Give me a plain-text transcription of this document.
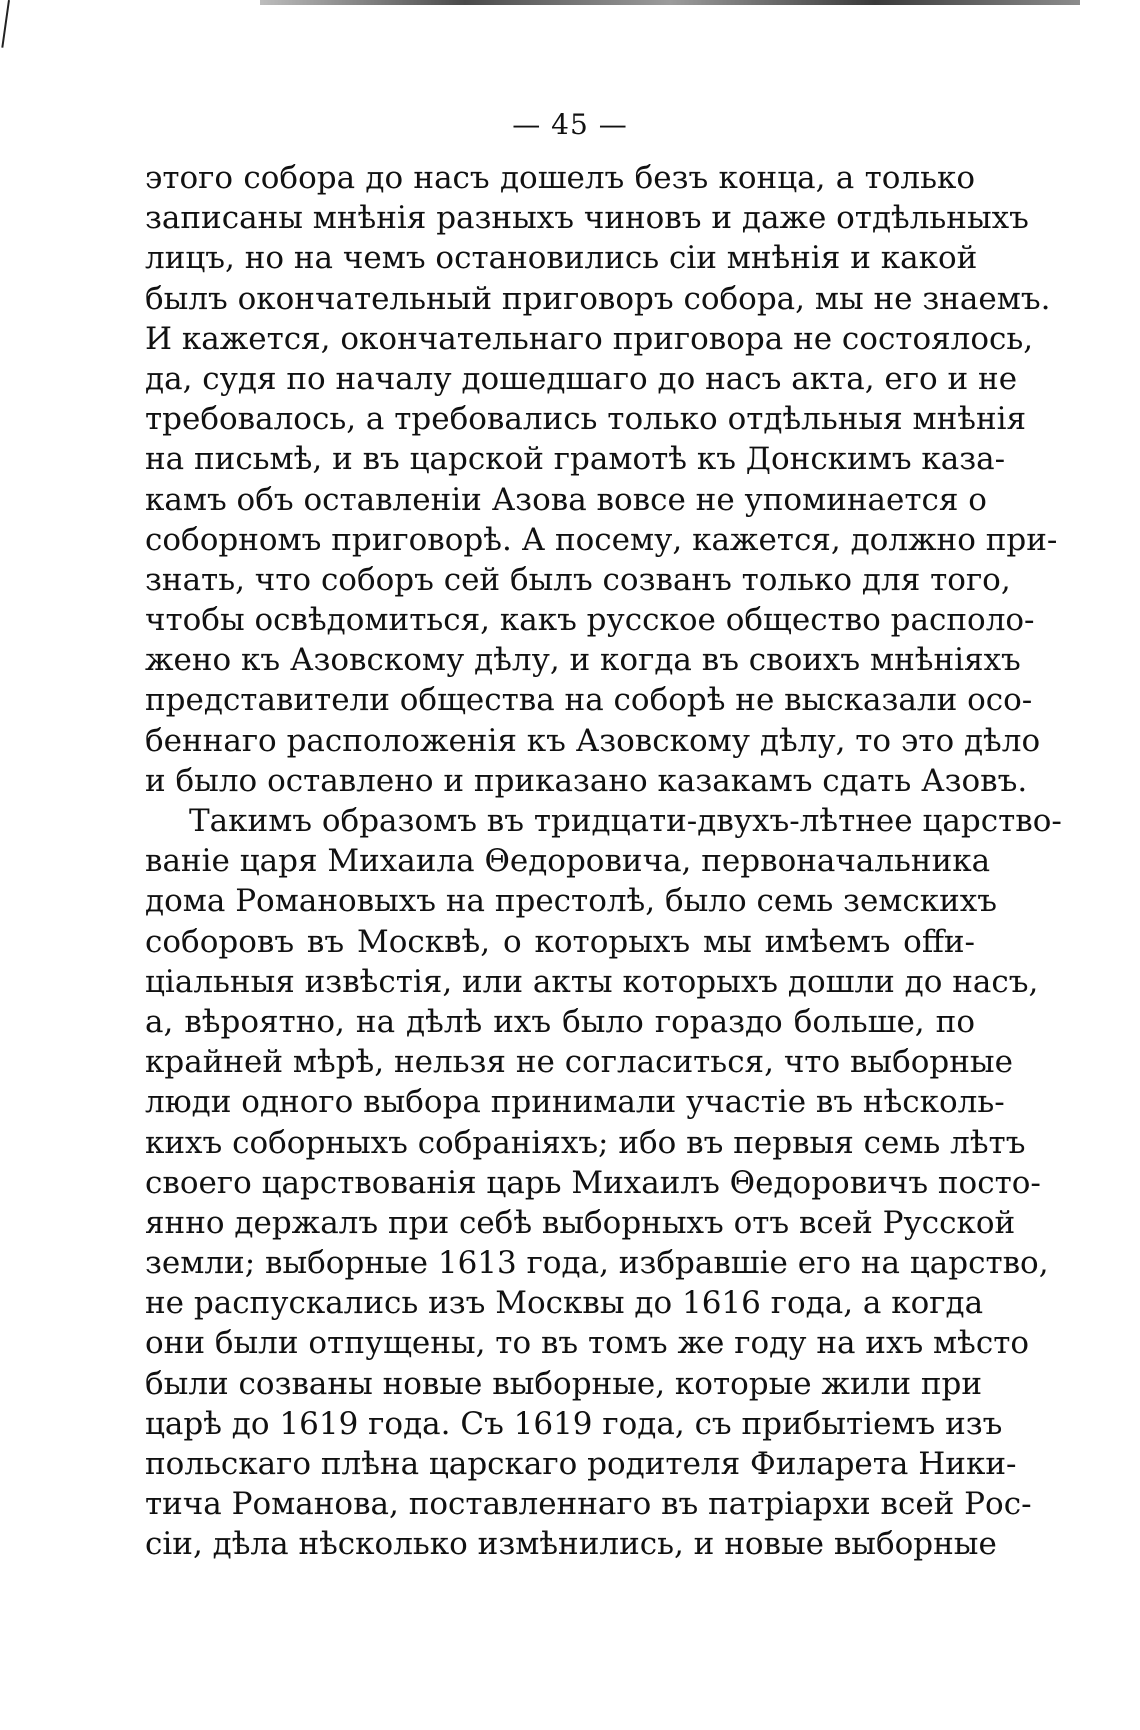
— 45 —
этого собора до насъ дошелъ безъ конца, а только
записаны мнѣнія разныхъ чиновъ и даже отдѣльныхъ
лицъ, но на чемъ остановились сіи мнѣнія и какой
былъ окончательный приговоръ собора, мы не знаемъ.
И кажется, окончательнаго приговора не состоялось,
да, судя по началу дошедшаго до насъ акта, его и не
требовалось, а требовались только отдѣльныя мнѣнія
на письмѣ, и въ царской грамотѣ къ Донскимъ каза-
камъ объ оставленіи Азова вовсе не упоминается о
соборномъ приговорѣ. А посему, кажется, должно при-
знать, что соборъ сей былъ созванъ только для того,
чтобы освѣдомиться, какъ русское общество располо-
жено къ Азовскому дѣлу, и когда въ своихъ мнѣніяхъ
представители общества на соборѣ не высказали осо-
беннаго расположенія къ Азовскому дѣлу, то это дѣло
и было оставлено и приказано казакамъ сдать Азовъ.
Такимъ образомъ въ тридцати-двухъ-лѣтнее царство-
ваніе царя Михаила Θедоровича, первоначальника
дома Романовыхъ на престолѣ, было семь земскихъ
соборовъ въ Москвѣ, о которыхъ мы имѣемъ offи-
ціальныя извѣстія, или акты которыхъ дошли до насъ,
а, вѣроятно, на дѣлѣ ихъ было гораздо больше, по
крайней мѣрѣ, нельзя не согласиться, что выборные
люди одного выбора принимали участіе въ нѣсколь-
кихъ соборныхъ собраніяхъ; ибо въ первыя семь лѣтъ
своего царствованія царь Михаилъ Θедоровичъ посто-
янно держалъ при себѣ выборныхъ отъ всей Русской
земли; выборные 1613 года, избравшіе его на царство,
не распускались изъ Москвы до 1616 года, а когда
они были отпущены, то въ томъ же году на ихъ мѣсто
были созваны новые выборные, которые жили при
царѣ до 1619 года. Съ 1619 года, съ прибытіемъ изъ
польскаго плѣна царскаго родителя Филарета Ники-
тича Романова, поставленнаго въ патріархи всей Рос-
сіи, дѣла нѣсколько измѣнились, и новые выборные
